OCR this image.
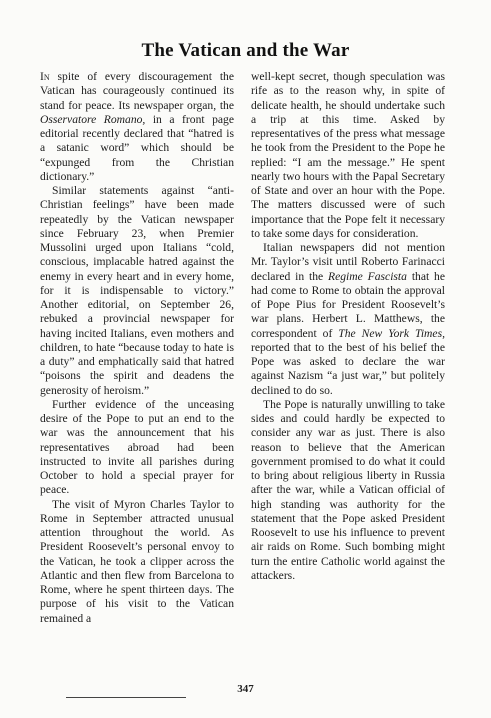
The Vatican and the War

In spite of every discouragement the Vatican has courageously continued its stand for peace. Its newspaper organ, the Osservatore Romano, in a front page editorial recently declared that “hatred is a satanic word” which should be “expunged from the Christian dictionary.”

Similar statements against “anti-Christian feelings” have been made repeatedly by the Vatican newspaper since February 23, when Premier Mussolini urged upon Italians “cold, conscious, implacable hatred against the enemy in every heart and in every home, for it is indispensable to victory.” Another editorial, on September 26, rebuked a provincial newspaper for having incited Italians, even mothers and children, to hate “because today to hate is a duty” and emphatically said that hatred “poisons the spirit and deadens the generosity of heroism.”

Further evidence of the unceasing desire of the Pope to put an end to the war was the announcement that his representatives abroad had been instructed to invite all parishes during October to hold a special prayer for peace.

The visit of Myron Charles Taylor to Rome in September attracted unusual attention throughout the world. As President Roosevelt’s personal envoy to the Vatican, he took a clipper across the Atlantic and then flew from Barcelona to Rome, where he spent thirteen days. The purpose of his visit to the Vatican remained a

well-kept secret, though speculation was rife as to the reason why, in spite of delicate health, he should undertake such a trip at this time. Asked by representatives of the press what message he took from the President to the Pope he replied: “I am the message.” He spent nearly two hours with the Papal Secretary of State and over an hour with the Pope. The matters discussed were of such importance that the Pope felt it necessary to take some days for consideration.

Italian newspapers did not mention Mr. Taylor’s visit until Roberto Farinacci declared in the Regime Fascista that he had come to Rome to obtain the approval of Pope Pius for President Roosevelt’s war plans. Herbert L. Matthews, the correspondent of The New York Times, reported that to the best of his belief the Pope was asked to declare the war against Nazism “a just war,” but politely declined to do so.

The Pope is naturally unwilling to take sides and could hardly be expected to consider any war as just. There is also reason to believe that the American government promised to do what it could to bring about religious liberty in Russia after the war, while a Vatican official of high standing was authority for the statement that the Pope asked President Roosevelt to use his influence to prevent air raids on Rome. Such bombing might turn the entire Catholic world against the attackers.

347
